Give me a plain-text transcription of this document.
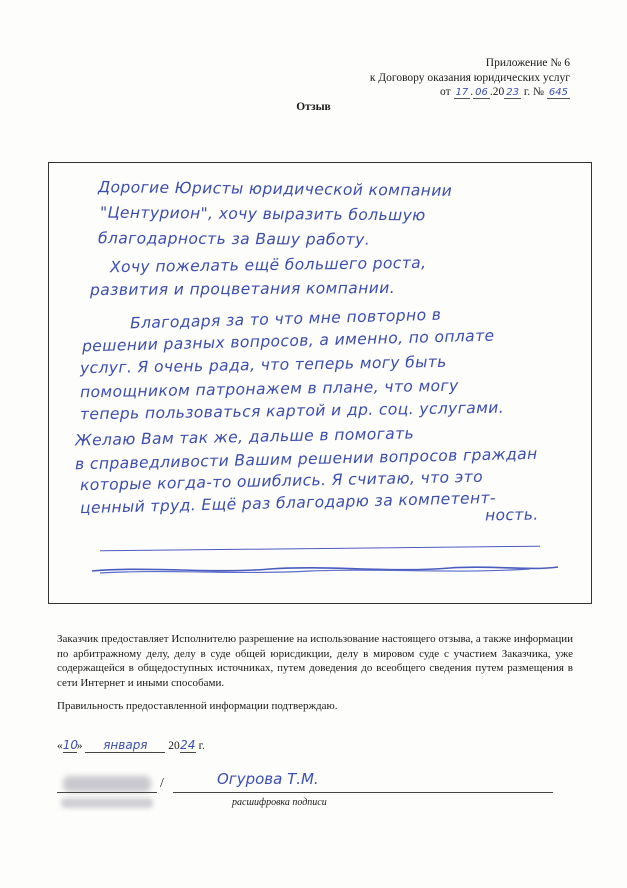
Приложение № 6
к Договору оказания юридических услуг
от 17 . 06 .20 23 г. № 645
Отзыв
Дорогие Юристы юридической компании
"Центурион", хочу выразить большую
благодарность за Вашу работу.
Хочу пожелать ещё большего роста,
развития и процветания компании.
Благодаря за то что мне повторно в
решении разных вопросов, а именно, по оплате
услуг. Я очень рада, что теперь могу быть
помощником патронажем в плане, что могу
теперь пользоваться картой и др. соц. услугами.
Желаю Вам так же, дальше в помогать
в справедливости Вашим решении вопросов граждан
которые когда-то ошиблись. Я считаю, что это
ценный труд. Ещё раз благодарю за компетент-
ность.
Заказчик предоставляет Исполнителю разрешение на использование настоящего отзыва, а также информации по арбитражному делу, делу в суде общей юрисдикции, делу в мировом суде с участием Заказчика, уже содержащейся в общедоступных источниках, путем доведения до всеобщего сведения путем размещения в сети Интернет и иными способами.
Правильность предоставленной информации подтверждаю.
«10» января 2024 г.
/	Огурова Т.М.
расшифровка подписи
